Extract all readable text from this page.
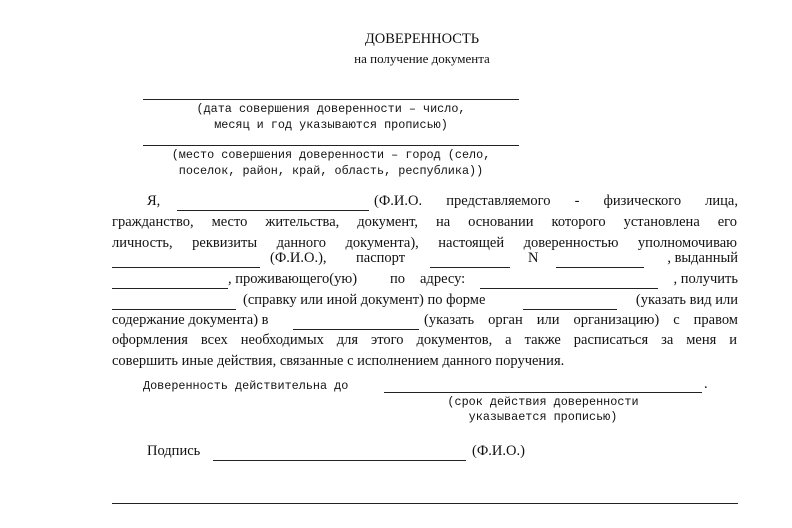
ДОВЕРЕННОСТЬ
на получение документа
(дата совершения доверенности – число,
месяц и год указываются прописью)
(место совершения доверенности – город (село,
поселок, район, край, область, республика))
Я,	(Ф.И.О. представляемого - физического лица,
гражданство, место жительства, документ, на основании которого установлена его
личность, реквизиты данного документа), настоящей доверенностью уполномочиваю
(Ф.И.О.), паспорт	N	, выданный
, проживающего(ую) по адресу:	, получить
(справку или иной документ) по форме	(указать вид или
содержание документа) в	(указать орган или организацию) с правом
оформления всех необходимых для этого документов, а также расписаться за меня и
совершить иные действия, связанные с исполнением данного поручения.
Доверенность действительна до	.
(срок действия доверенности
указывается прописью)
Подпись	(Ф.И.О.)
